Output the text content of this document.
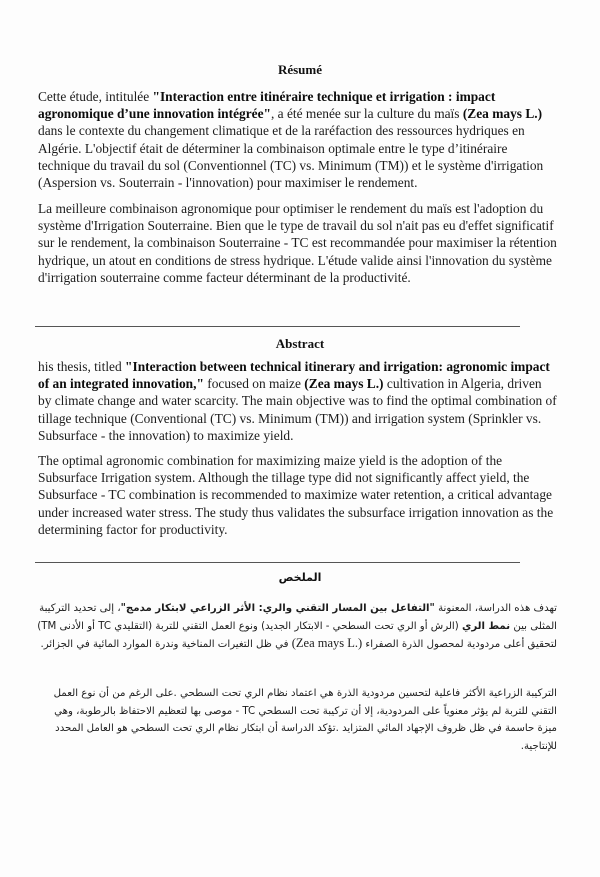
Résumé

Cette étude, intitulée "Interaction entre itinéraire technique et irrigation : impact agronomique d’une innovation intégrée", a été menée sur la culture du maïs (Zea mays L.) dans le contexte du changement climatique et de la raréfaction des ressources hydriques en Algérie. L'objectif était de déterminer la combinaison optimale entre le type d’itinéraire technique du travail du sol (Conventionnel (TC) vs. Minimum (TM)) et le système d'irrigation (Aspersion vs. Souterrain - l'innovation) pour maximiser le rendement.

La meilleure combinaison agronomique pour optimiser le rendement du maïs est l'adoption du système d'Irrigation Souterraine. Bien que le type de travail du sol n'ait pas eu d'effet significatif sur le rendement, la combinaison Souterraine - TC est recommandée pour maximiser la rétention hydrique, un atout en conditions de stress hydrique. L'étude valide ainsi l'innovation du système d'irrigation souterraine comme facteur déterminant de la productivité.

Abstract

his thesis, titled "Interaction between technical itinerary and irrigation: agronomic impact of an integrated innovation," focused on maize (Zea mays L.) cultivation in Algeria, driven by climate change and water scarcity. The main objective was to find the optimal combination of tillage technique (Conventional (TC) vs. Minimum (TM)) and irrigation system (Sprinkler vs. Subsurface - the innovation) to maximize yield.

The optimal agronomic combination for maximizing maize yield is the adoption of the Subsurface Irrigation system. Although the tillage type did not significantly affect yield, the Subsurface - TC combination is recommended to maximize water retention, a critical advantage under increased water stress. The study thus validates the subsurface irrigation innovation as the determining factor for productivity.

الملخص

تهدف هذه الدراسة، المعنونة "التفاعل بين المسار التقني والري: الأثر الزراعي لابتكار مدمج"، إلى تحديد التركيبة المثلى بين نمط الري (الرش أو الري تحت السطحي - الابتكار الجديد) ونوع العمل التقني للتربة (التقليدي TC أو الأدنى TM) لتحقيق أعلى مردودية لمحصول الذرة الصفراء (Zea mays L.) في ظل التغيرات المناخية وندرة الموارد المائية في الجزائر.

التركيبة الزراعية الأكثر فاعلية لتحسين مردودية الذرة هي اعتماد نظام الري تحت السطحي .على الرغم من أن نوع العمل التقني للتربة لم يؤثر معنوياً على المردودية، إلا أن تركيبة تحت السطحي TC - موصى بها لتعظيم الاحتفاظ بالرطوبة، وهي ميزة حاسمة في ظل ظروف الإجهاد المائي المتزايد .تؤكد الدراسة أن ابتكار نظام الري تحت السطحي هو العامل المحدد للإنتاجية.
